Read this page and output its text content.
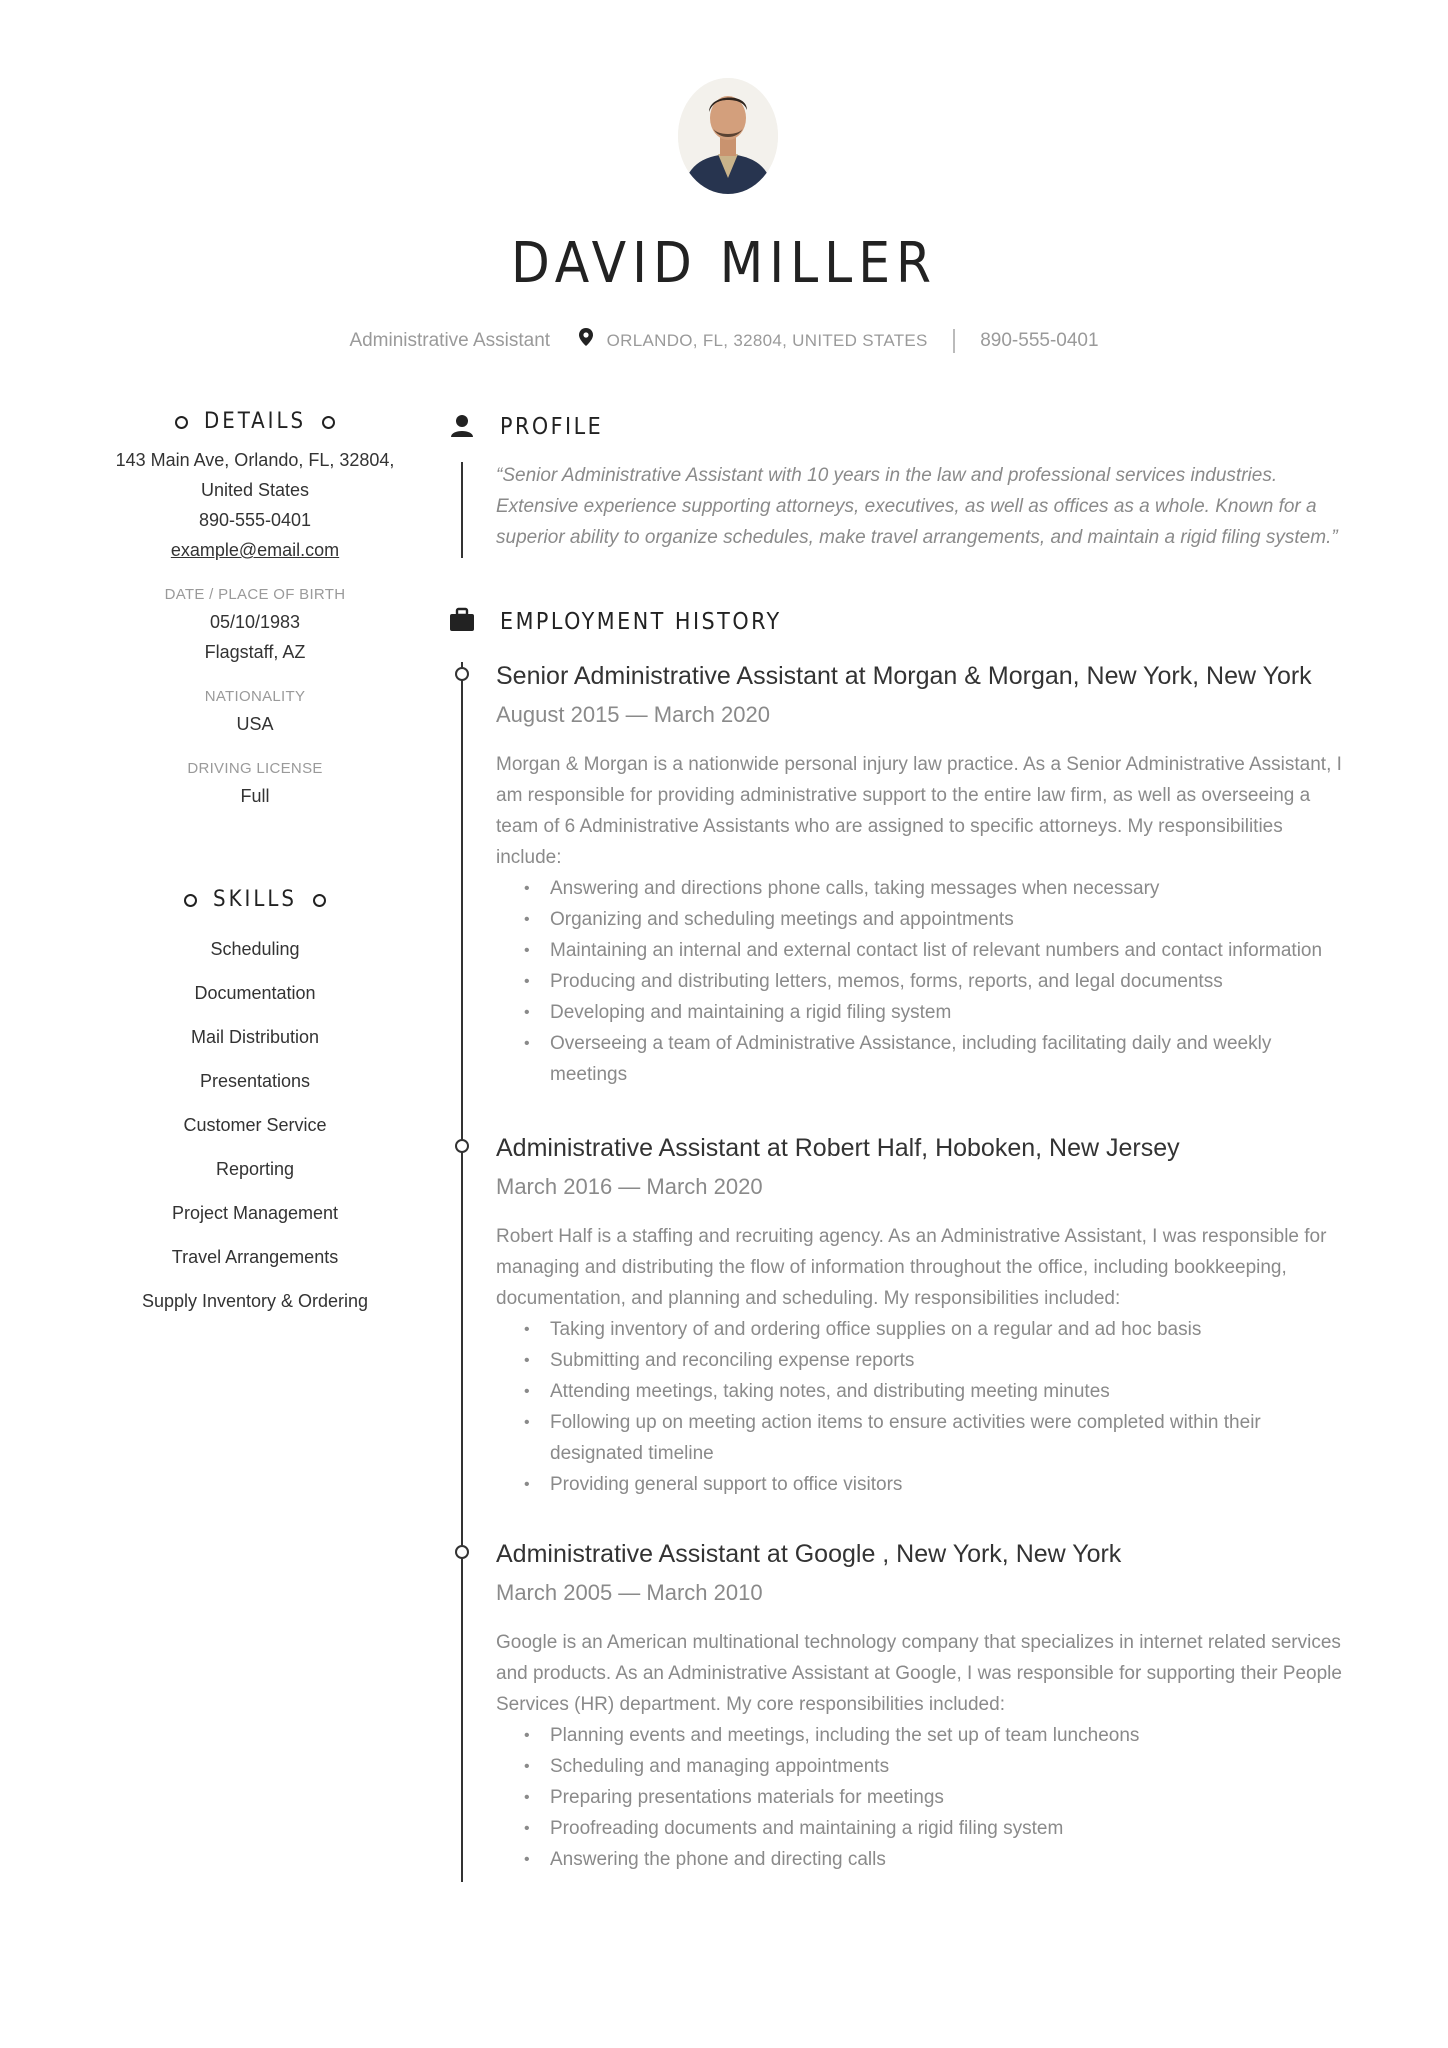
DAVID MILLER
Administrative Assistant	ORLANDO, FL, 32804, UNITED STATES	890-555-0401
DETAILS
143 Main Ave, Orlando, FL, 32804,
United States
890-555-0401
example@email.com
DATE / PLACE OF BIRTH
05/10/1983
Flagstaff, AZ
NATIONALITY
USA
DRIVING LICENSE
Full
SKILLS
Scheduling
Documentation
Mail Distribution
Presentations
Customer Service
Reporting
Project Management
Travel Arrangements
Supply Inventory & Ordering
PROFILE
“Senior Administrative Assistant with 10 years in the law and professional services industries. Extensive experience supporting attorneys, executives, as well as offices as a whole. Known for a superior ability to organize schedules, make travel arrangements, and maintain a rigid filing system.”
EMPLOYMENT HISTORY
Senior Administrative Assistant at Morgan & Morgan, New York, New York
August 2015 — March 2020
Morgan & Morgan is a nationwide personal injury law practice. As a Senior Administrative Assistant, I am responsible for providing administrative support to the entire law firm, as well as overseeing a team of 6 Administrative Assistants who are assigned to specific attorneys. My responsibilities include:
• Answering and directions phone calls, taking messages when necessary
• Organizing and scheduling meetings and appointments
• Maintaining an internal and external contact list of relevant numbers and contact information
• Producing and distributing letters, memos, forms, reports, and legal documentss
• Developing and maintaining a rigid filing system
• Overseeing a team of Administrative Assistance, including facilitating daily and weekly meetings
Administrative Assistant at Robert Half, Hoboken, New Jersey
March 2016 — March 2020
Robert Half is a staffing and recruiting agency. As an Administrative Assistant, I was responsible for managing and distributing the flow of information throughout the office, including bookkeeping, documentation, and planning and scheduling. My responsibilities included:
• Taking inventory of and ordering office supplies on a regular and ad hoc basis
• Submitting and reconciling expense reports
• Attending meetings, taking notes, and distributing meeting minutes
• Following up on meeting action items to ensure activities were completed within their designated timeline
• Providing general support to office visitors
Administrative Assistant at Google , New York, New York
March 2005 — March 2010
Google is an American multinational technology company that specializes in internet related services and products. As an Administrative Assistant at Google, I was responsible for supporting their People Services (HR) department. My core responsibilities included:
• Planning events and meetings, including the set up of team luncheons
• Scheduling and managing appointments
• Preparing presentations materials for meetings
• Proofreading documents and maintaining a rigid filing system
• Answering the phone and directing calls
